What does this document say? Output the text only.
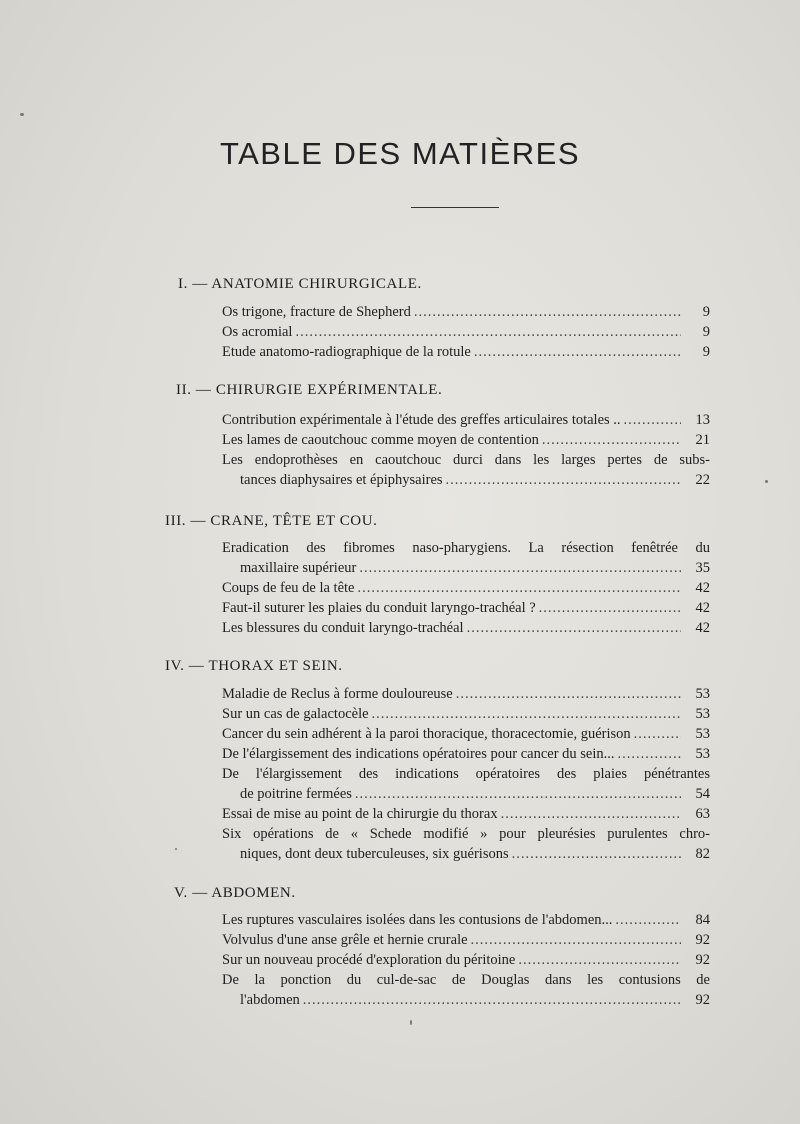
TABLE DES MATIÈRES
I. — ANATOMIE CHIRURGICALE.
Os trigone, fracture de Shepherd .....	9
Os acromial .....	9
Etude anatomo-radiographique de la rotule .....	9
II. — CHIRURGIE EXPÉRIMENTALE.
Contribution expérimentale à l'étude des greffes articulaires totales .. .....	13
Les lames de caoutchouc comme moyen de contention .....	21
Les endoprothèses en caoutchouc durci dans les larges pertes de subs-
tances diaphysaires et épiphysaires .....	22
III. — CRANE, TÊTE ET COU.
Eradication des fibromes naso-pharygiens. La résection fenêtrée du
maxillaire supérieur .....	35
Coups de feu de la tête .....	42
Faut-il suturer les plaies du conduit laryngo-trachéal ? .....	42
Les blessures du conduit laryngo-trachéal .....	42
IV. — THORAX ET SEIN.
Maladie de Reclus à forme douloureuse .....	53
Sur un cas de galactocèle .....	53
Cancer du sein adhérent à la paroi thoracique, thoracectomie, guérison .....	53
De l'élargissement des indications opératoires pour cancer du sein... .....	53
De l'élargissement des indications opératoires des plaies pénétrantes
de poitrine fermées .....	54
Essai de mise au point de la chirurgie du thorax .....	63
Six opérations de « Schede modifié » pour pleurésies purulentes chro-
niques, dont deux tuberculeuses, six guérisons .....	82
V. — ABDOMEN.
Les ruptures vasculaires isolées dans les contusions de l'abdomen... .....	84
Volvulus d'une anse grêle et hernie crurale .....	92
Sur un nouveau procédé d'exploration du péritoine .....	92
De la ponction du cul-de-sac de Douglas dans les contusions de
l'abdomen .....	92
